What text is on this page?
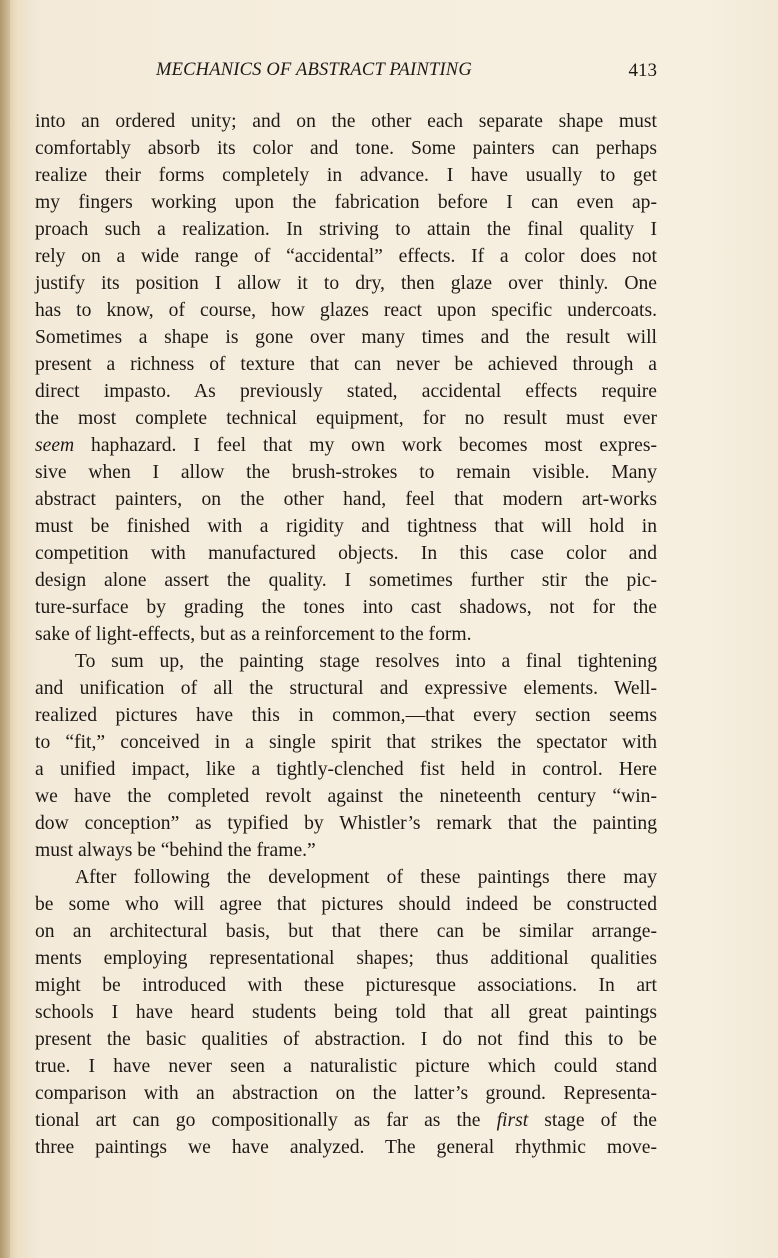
MECHANICS OF ABSTRACT PAINTING	413
into an ordered unity; and on the other each separate shape must
comfortably absorb its color and tone. Some painters can perhaps
realize their forms completely in advance. I have usually to get
my fingers working upon the fabrication before I can even ap-
proach such a realization. In striving to attain the final quality I
rely on a wide range of “accidental” effects. If a color does not
justify its position I allow it to dry, then glaze over thinly. One
has to know, of course, how glazes react upon specific undercoats.
Sometimes a shape is gone over many times and the result will
present a richness of texture that can never be achieved through a
direct impasto. As previously stated, accidental effects require
the most complete technical equipment, for no result must ever
seem haphazard. I feel that my own work becomes most expres-
sive when I allow the brush-strokes to remain visible. Many
abstract painters, on the other hand, feel that modern art-works
must be finished with a rigidity and tightness that will hold in
competition with manufactured objects. In this case color and
design alone assert the quality. I sometimes further stir the pic-
ture-surface by grading the tones into cast shadows, not for the
sake of light-effects, but as a reinforcement to the form.
To sum up, the painting stage resolves into a final tightening
and unification of all the structural and expressive elements. Well-
realized pictures have this in common,—that every section seems
to “fit,” conceived in a single spirit that strikes the spectator with
a unified impact, like a tightly-clenched fist held in control. Here
we have the completed revolt against the nineteenth century “win-
dow conception” as typified by Whistler’s remark that the painting
must always be “behind the frame.”
After following the development of these paintings there may
be some who will agree that pictures should indeed be constructed
on an architectural basis, but that there can be similar arrange-
ments employing representational shapes; thus additional qualities
might be introduced with these picturesque associations. In art
schools I have heard students being told that all great paintings
present the basic qualities of abstraction. I do not find this to be
true. I have never seen a naturalistic picture which could stand
comparison with an abstraction on the latter’s ground. Representa-
tional art can go compositionally as far as the first stage of the
three paintings we have analyzed. The general rhythmic move-
